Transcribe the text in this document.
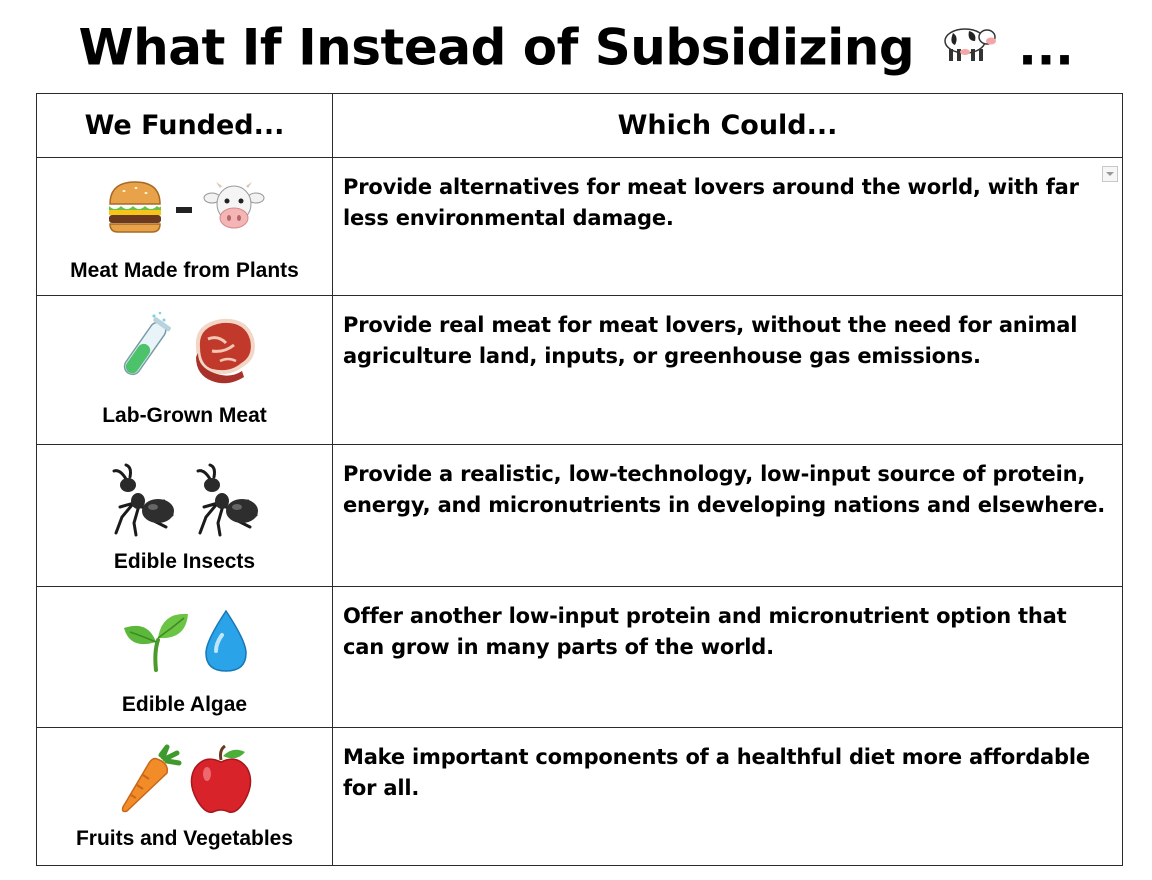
What If Instead of Subsidizing ...
We Funded...	Which Could...

Meat Made from Plants	Provide alternatives for meat lovers around the world, with far less environmental damage.

Lab-Grown Meat	Provide real meat for meat lovers, without the need for animal agriculture land, inputs, or greenhouse gas emissions.

Edible Insects	Provide a realistic, low-technology, low-input source of protein, energy, and micronutrients in developing nations and elsewhere.

Edible Algae	Offer another low-input protein and micronutrient option that can grow in many parts of the world.

Fruits and Vegetables	Make important components of a healthful diet more affordable for all.
